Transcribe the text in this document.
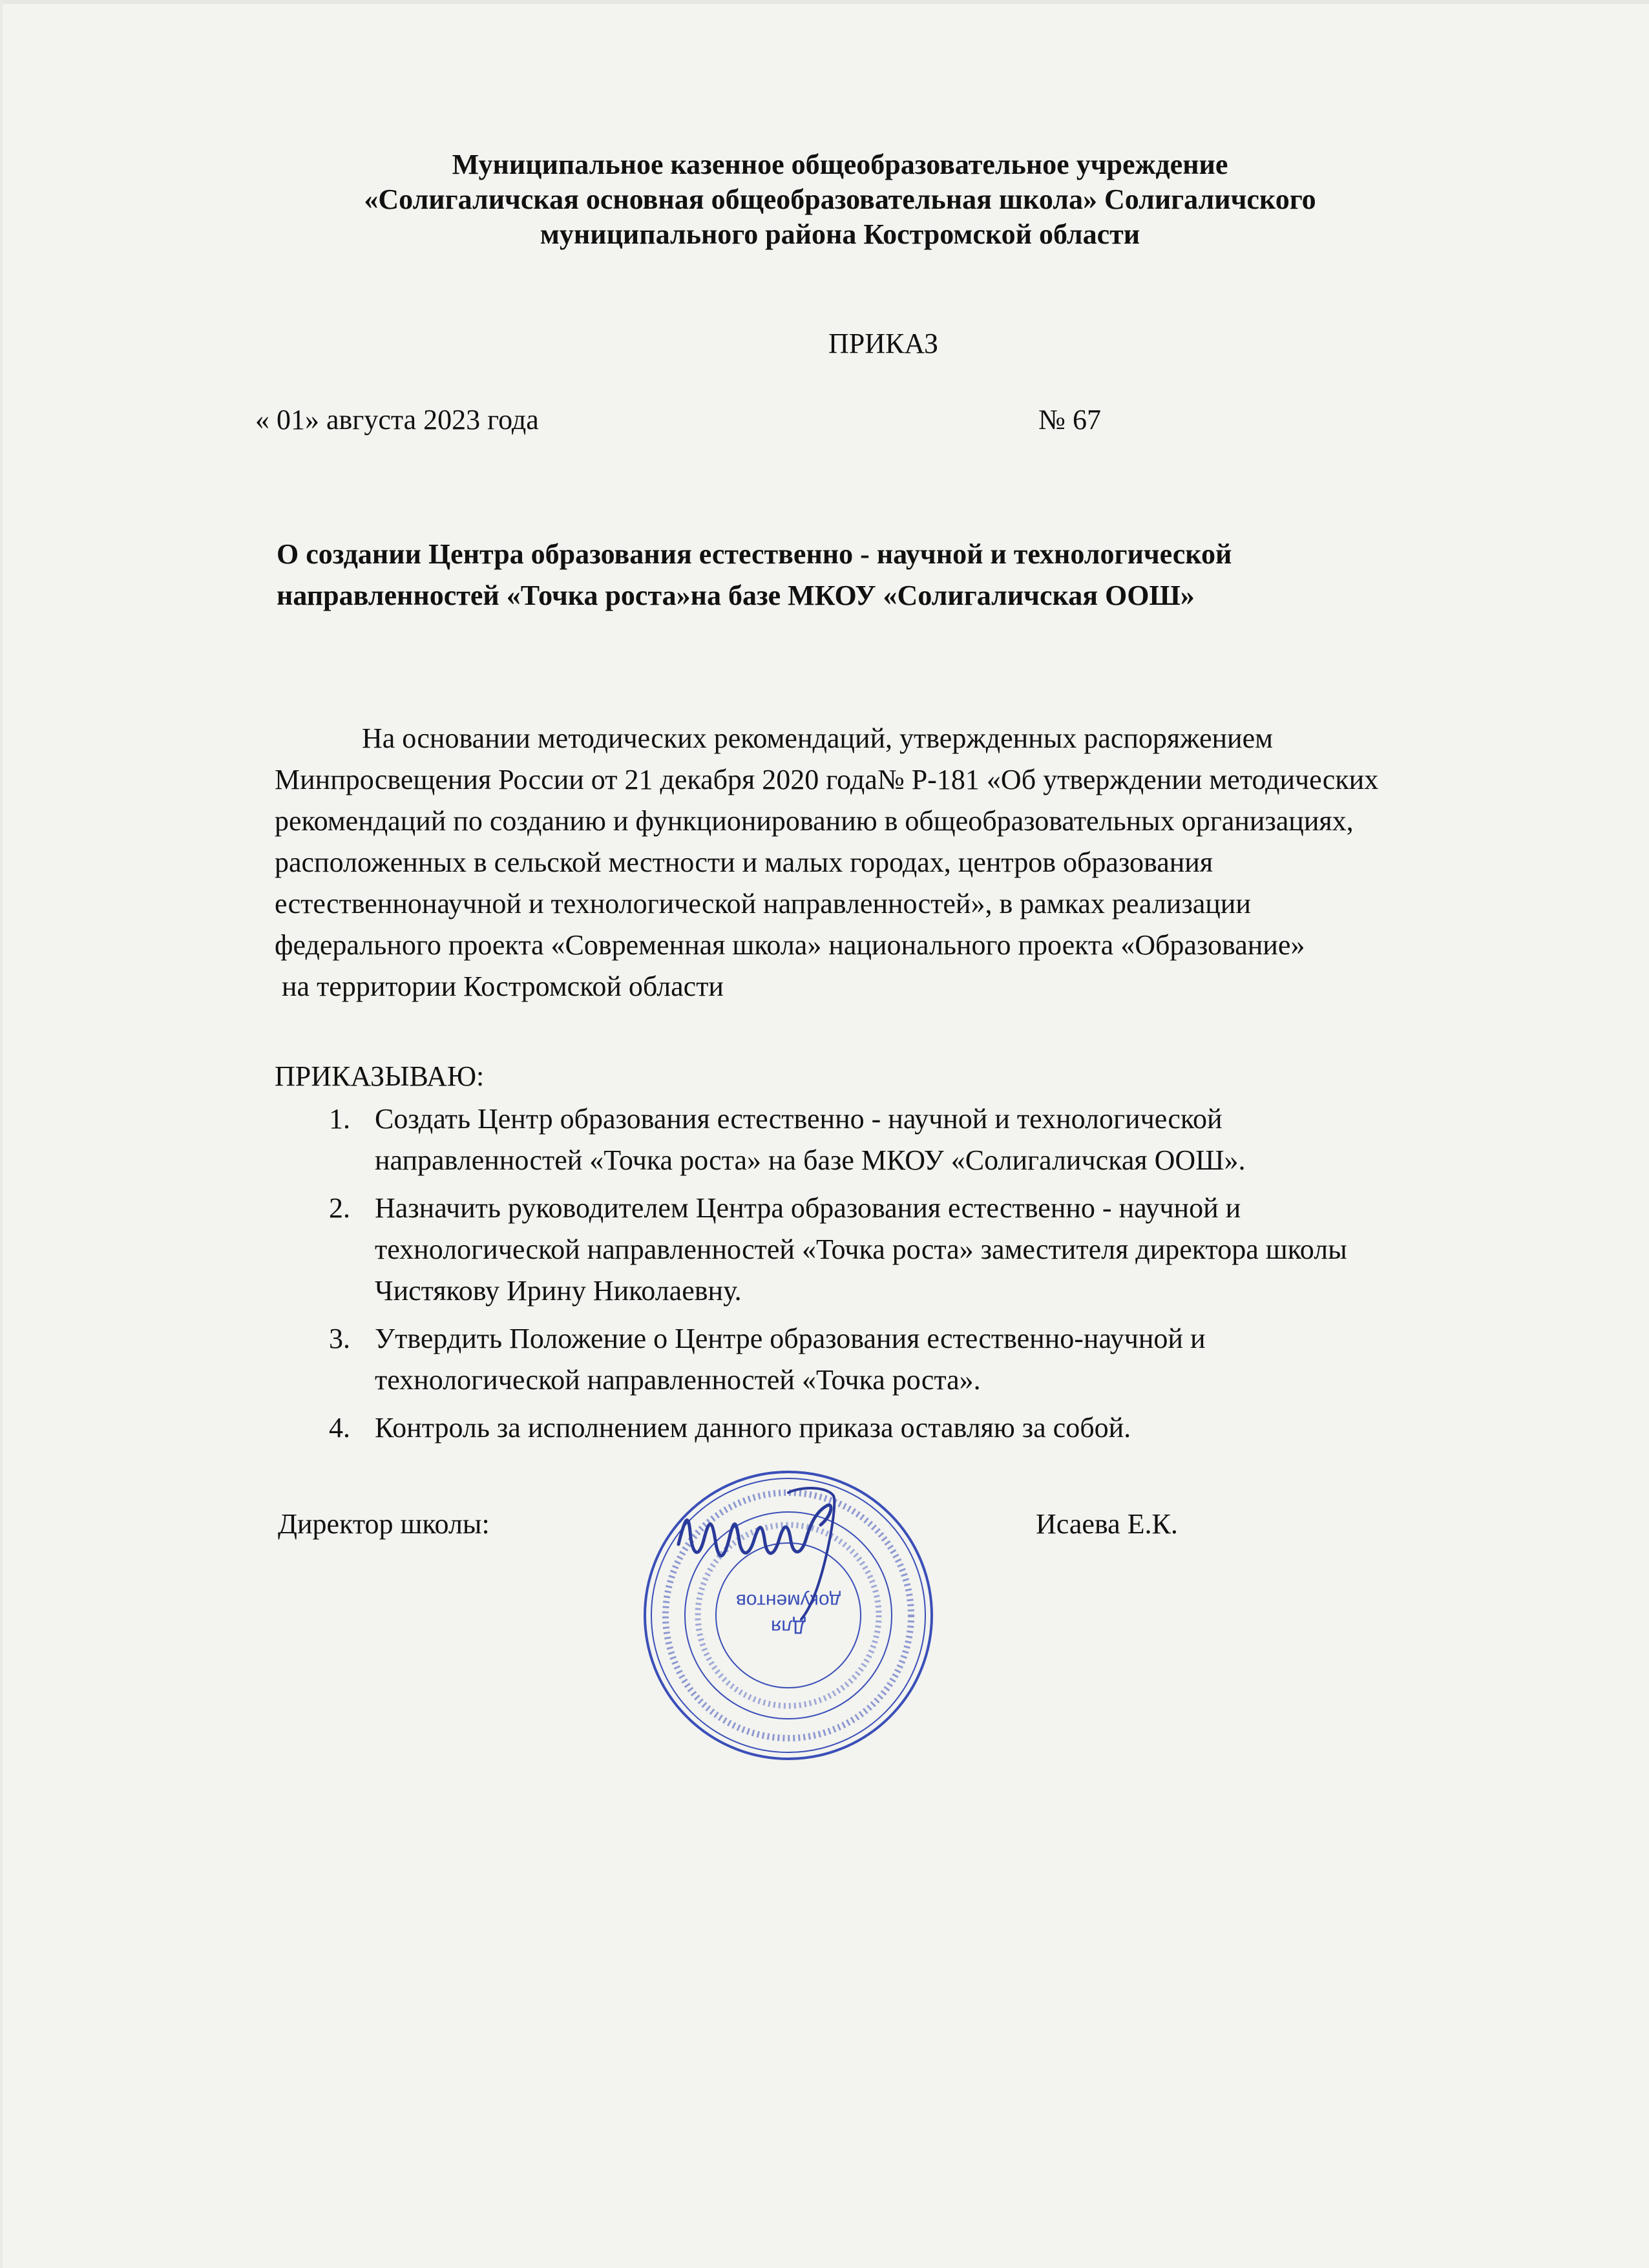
Муниципальное казенное общеобразовательное учреждение
«Солигаличская основная общеобразовательная школа» Солигаличского
муниципального района Костромской области
ПРИКАЗ
« 01» августа 2023 года	№ 67
О создании Центра образования естественно - научной и технологической
направленностей «Точка роста»на базе МКОУ «Солигаличская ООШ»
На основании методических рекомендаций, утвержденных распоряжением
Минпросвещения России от 21 декабря 2020 года№ Р-181 «Об утверждении методических
рекомендаций по созданию и функционированию в общеобразовательных организациях,
расположенных в сельской местности и малых городах, центров образования
естественнонаучной и технологической направленностей», в рамках реализации
федерального проекта «Современная школа» национального проекта «Образование»
на территории Костромской области
ПРИКАЗЫВАЮ:
1. Создать Центр образования естественно - научной и технологической
направленностей «Точка роста» на базе МКОУ «Солигаличская ООШ».
2. Назначить руководителем Центра образования естественно - научной и
технологической направленностей «Точка роста» заместителя директора школы
Чистякову Ирину Николаевну.
3. Утвердить Положение о Центре образования естественно-научной и
технологической направленностей «Точка роста».
4. Контроль за исполнением данного приказа оставляю за собой.
Директор школы:	Исаева Е.К.
Для
документов
